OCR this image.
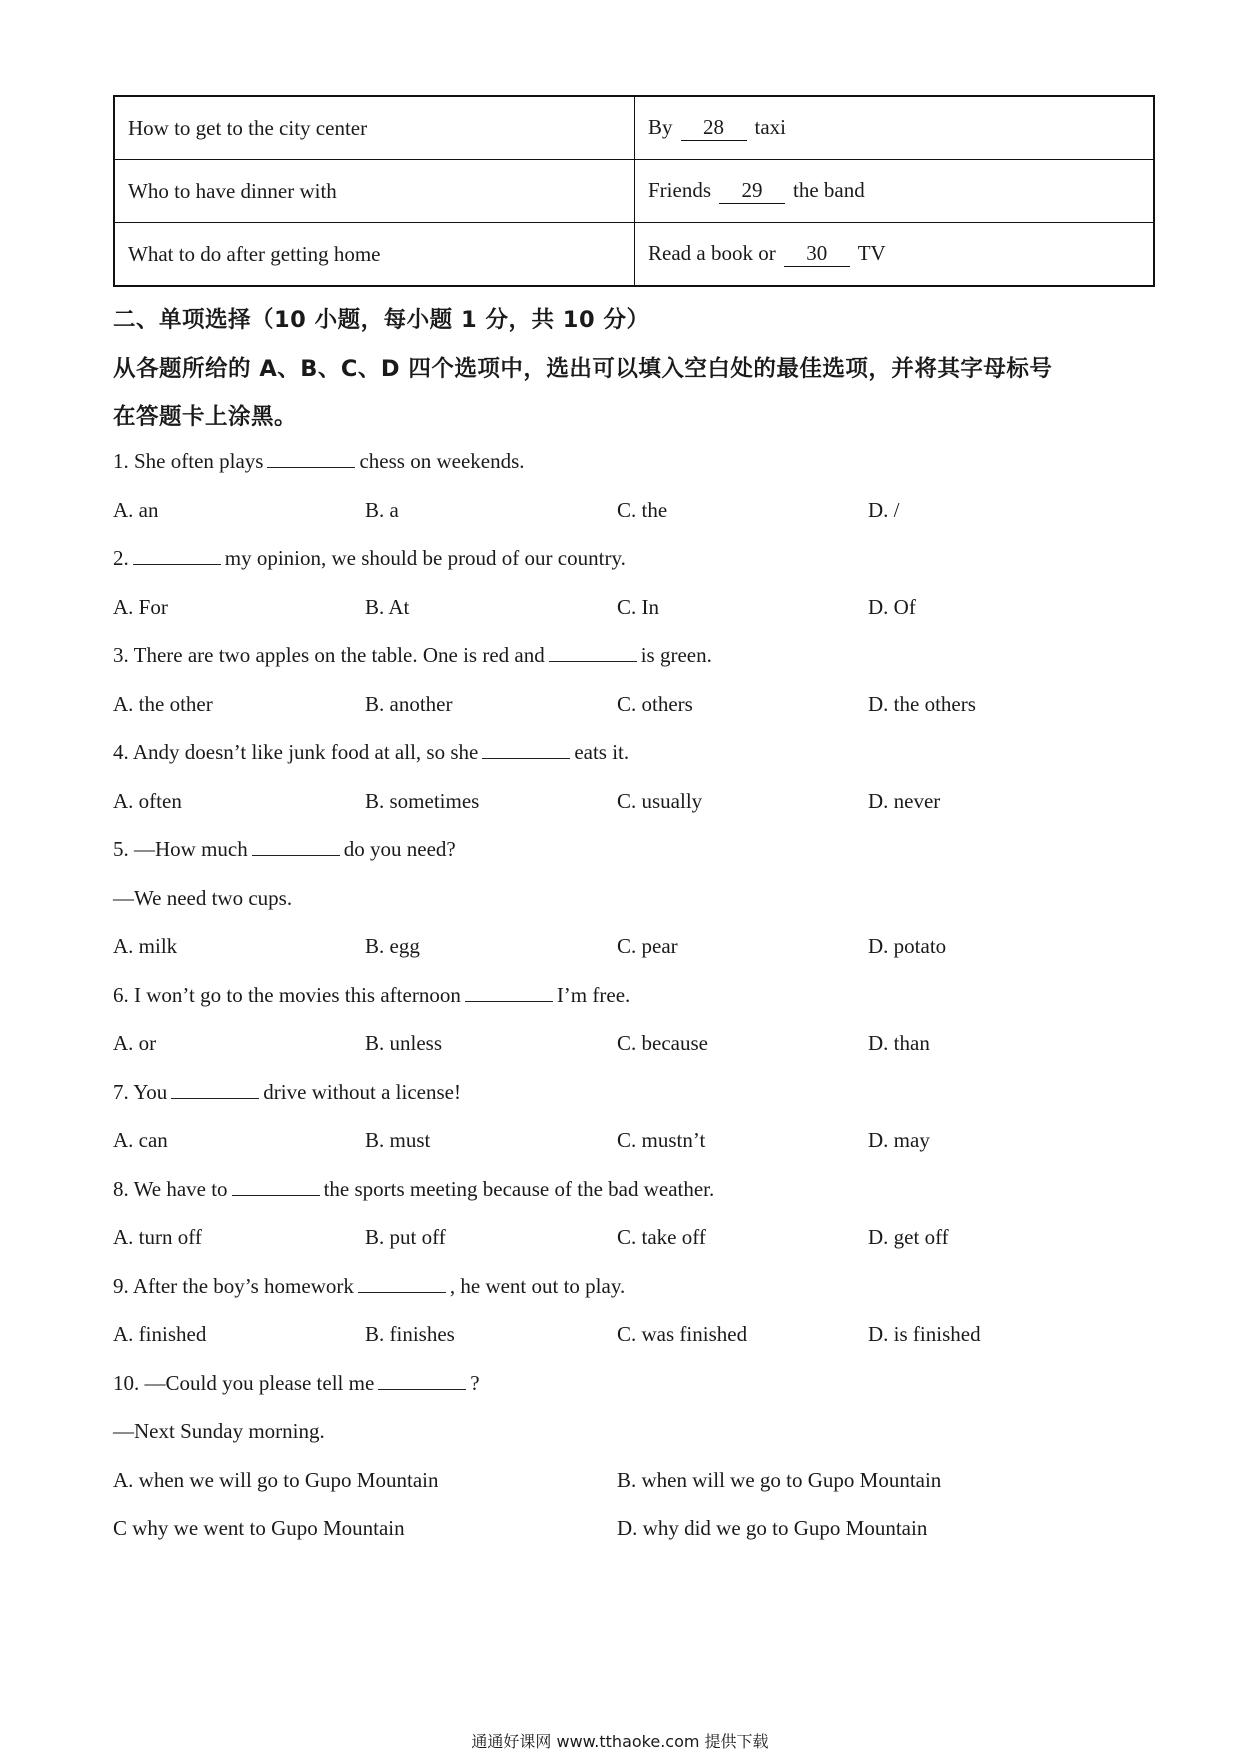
How to get to the city center	By 28 taxi
Who to have dinner with	Friends 29 the band
What to do after getting home	Read a book or 30 TV
二、单项选择（10 小题，每小题 1 分，共 10 分）
从各题所给的 A、B、C、D 四个选项中，选出可以填入空白处的最佳选项，并将其字母标号
在答题卡上涂黑。
1. She often plays	chess on weekends.
A. an	B. a	C. the	D. /
2.	my opinion, we should be proud of our country.
A. For	B. At	C. In	D. Of
3. There are two apples on the table. One is red and	is green.
A. the other	B. another	C. others	D. the others
4. Andy doesn’t like junk food at all, so she	eats it.
A. often	B. sometimes	C. usually	D. never
5. —How much	do you need?
—We need two cups.
A. milk	B. egg	C. pear	D. potato
6. I won’t go to the movies this afternoon	I’m free.
A. or	B. unless	C. because	D. than
7. You	drive without a license!
A. can	B. must	C. mustn’t	D. may
8. We have to	the sports meeting because of the bad weather.
A. turn off	B. put off	C. take off	D. get off
9. After the boy’s homework	, he went out to play.
A. finished	B. finishes	C. was finished	D. is finished
10. —Could you please tell me	?
—Next Sunday morning.
A. when we will go to Gupo Mountain	B. when will we go to Gupo Mountain
C why we went to Gupo Mountain	D. why did we go to Gupo Mountain
通通好课网 www.tthaoke.com 提供下载
